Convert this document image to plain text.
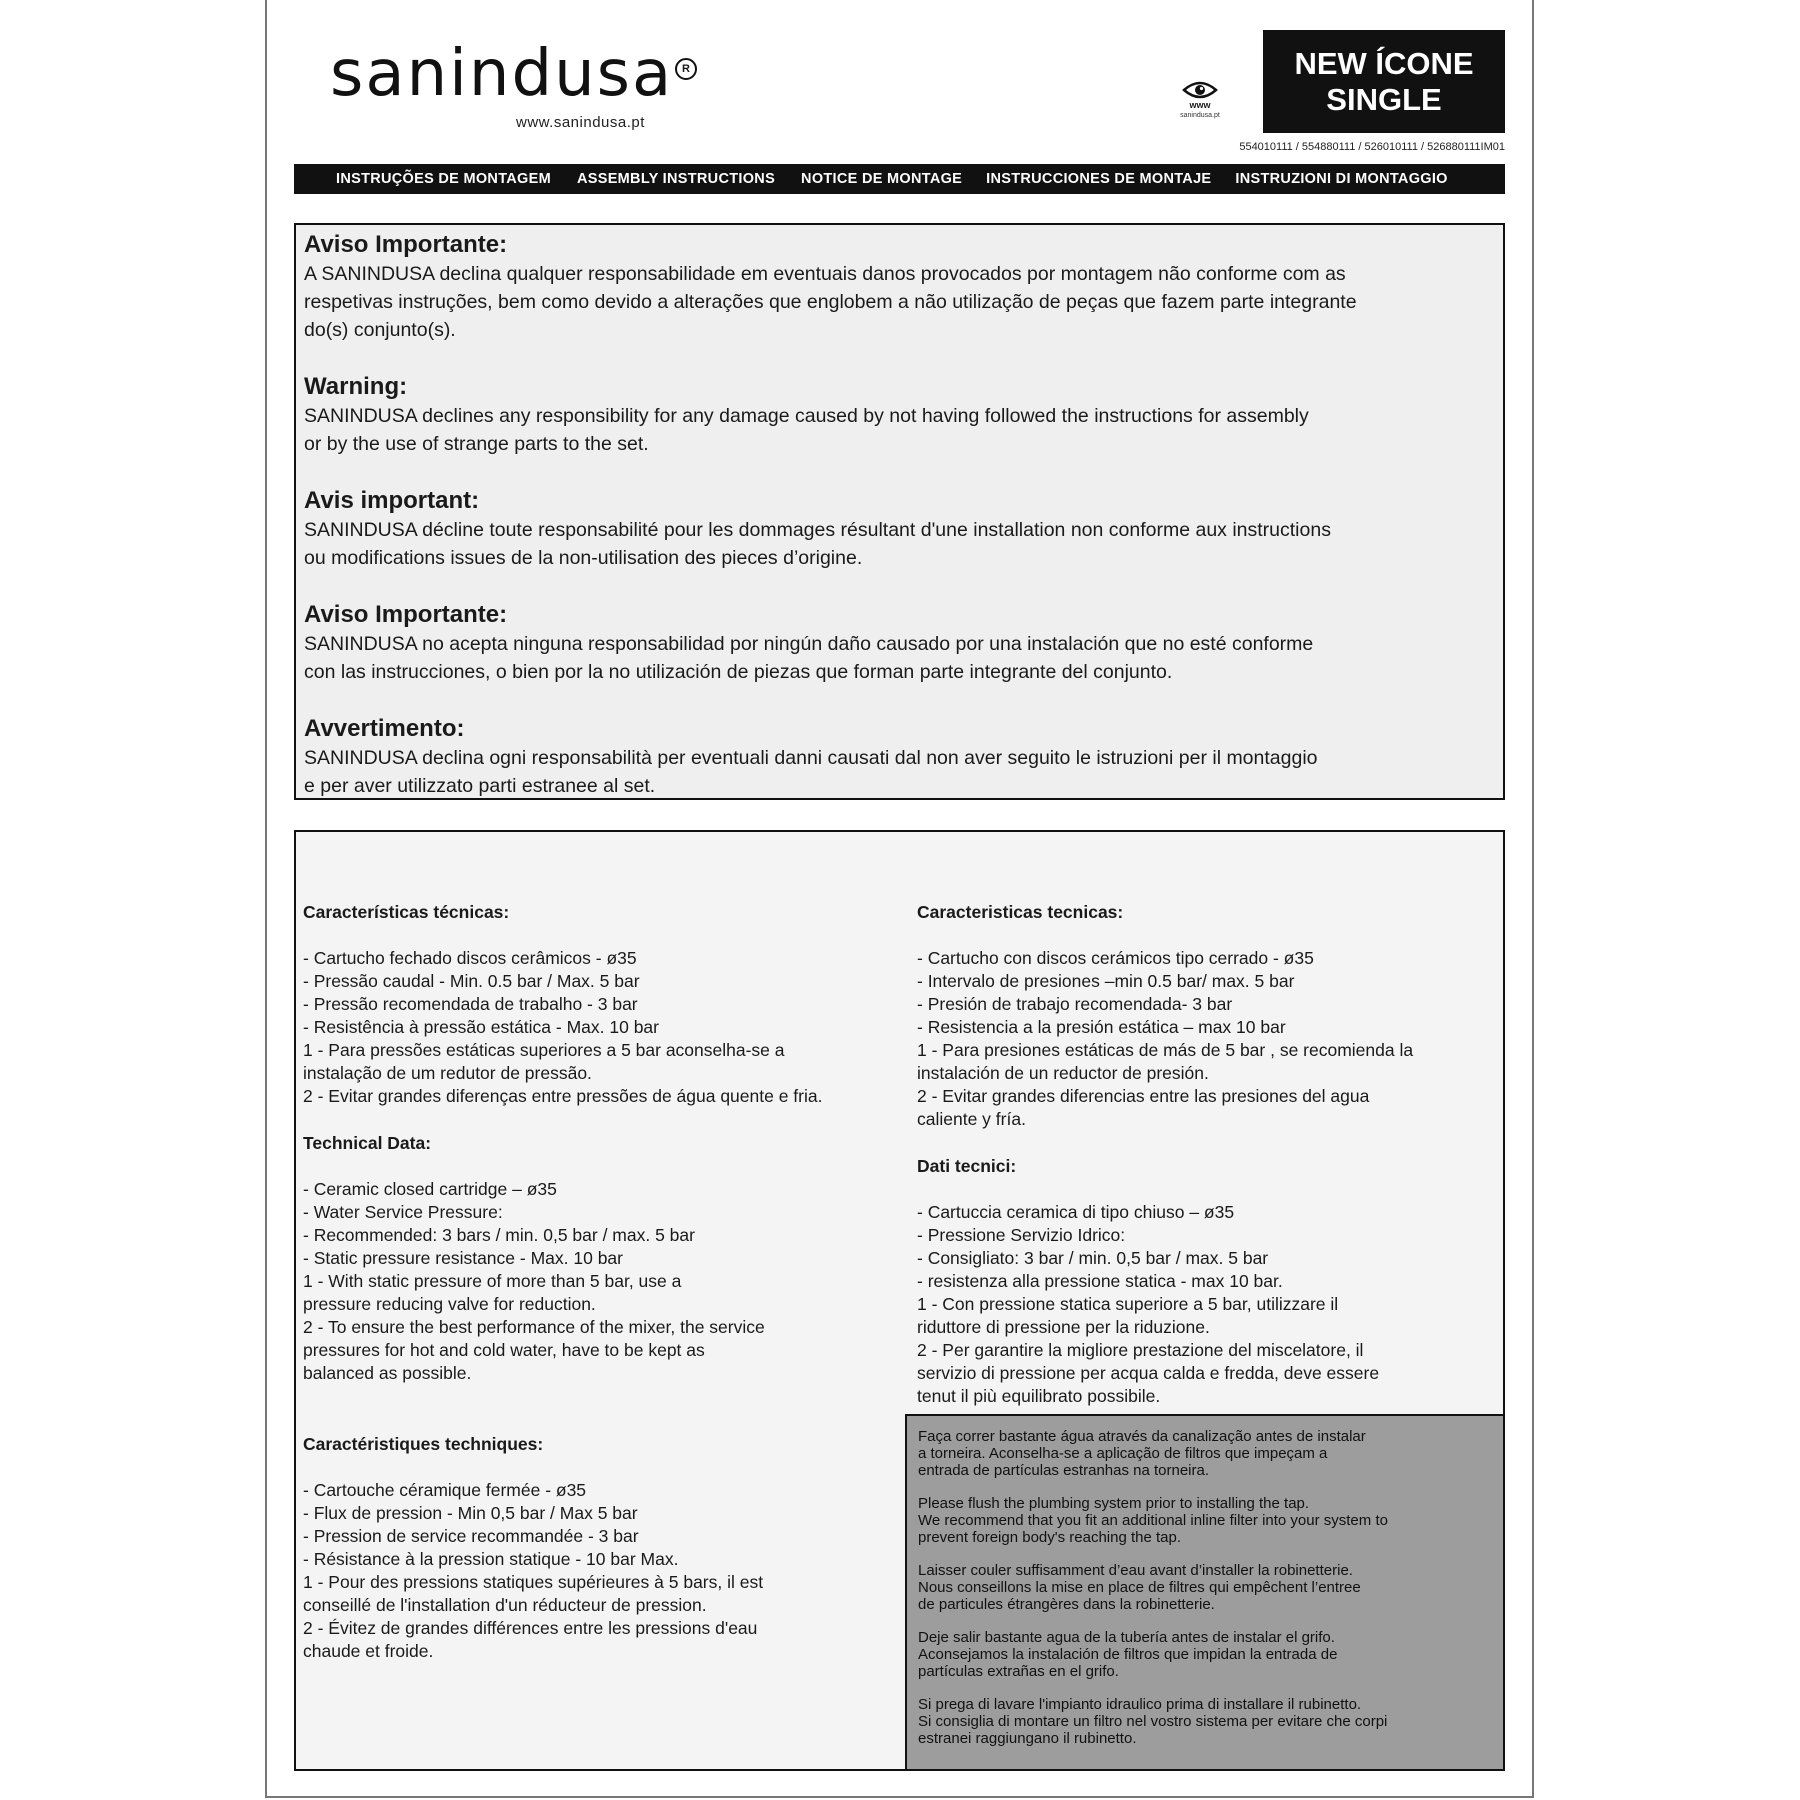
sanindusa R
www.sanindusa.pt
www
sanindusa.pt
NEW ÍCONE
SINGLE
554010111 / 554880111 / 526010111 / 526880111IM01
INSTRUÇÕES DE MONTAGEM ASSEMBLY INSTRUCTIONS NOTICE DE MONTAGE INSTRUCCIONES DE MONTAJE INSTRUZIONI DI MONTAGGIO
Aviso Importante:
A SANINDUSA declina qualquer responsabilidade em eventuais danos provocados por montagem não conforme com as
respetivas instruções, bem como devido a alterações que englobem a não utilização de peças que fazem parte integrante
do(s) conjunto(s).
Warning:
SANINDUSA declines any responsibility for any damage caused by not having followed the instructions for assembly
or by the use of strange parts to the set.
Avis important:
SANINDUSA décline toute responsabilité pour les dommages résultant d'une installation non conforme aux instructions
ou modifications issues de la non-utilisation des pieces d’origine.
Aviso Importante:
SANINDUSA no acepta ninguna responsabilidad por ningún daño causado por una instalación que no esté conforme
con las instrucciones, o bien por la no utilización de piezas que forman parte integrante del conjunto.
Avvertimento:
SANINDUSA declina ogni responsabilità per eventuali danni causati dal non aver seguito le istruzioni per il montaggio
e per aver utilizzato parti estranee al set.

Características técnicas:

- Cartucho fechado discos cerâmicos - ø35
- Pressão caudal - Min. 0.5 bar / Max. 5 bar
- Pressão recomendada de trabalho - 3 bar
- Resistência à pressão estática - Max. 10 bar
1 - Para pressões estáticas superiores a 5 bar aconselha-se a
instalação de um redutor de pressão.
2 - Evitar grandes diferenças entre pressões de água quente e fria.

Caracteristicas tecnicas:

- Cartucho con discos cerámicos tipo cerrado - ø35
- Intervalo de presiones –min 0.5 bar/ max. 5 bar
- Presión de trabajo recomendada- 3 bar
- Resistencia a la presión estática – max 10 bar
1 - Para presiones estáticas de más de 5 bar , se recomienda la
instalación de un reductor de presión.
2 - Evitar grandes diferencias entre las presiones del agua
caliente y fría.

Technical Data:

- Ceramic closed cartridge – ø35
- Water Service Pressure:
- Recommended: 3 bars / min. 0,5 bar / max. 5 bar
- Static pressure resistance - Max. 10 bar
1 - With static pressure of more than 5 bar, use a
pressure reducing valve for reduction.
2 - To ensure the best performance of the mixer, the service
pressures for hot and cold water, have to be kept as
balanced as possible.

Dati tecnici:

- Cartuccia ceramica di tipo chiuso – ø35
- Pressione Servizio Idrico:
- Consigliato: 3 bar / min. 0,5 bar / max. 5 bar
- resistenza alla pressione statica - max 10 bar.
1 - Con pressione statica superiore a 5 bar, utilizzare il
riduttore di pressione per la riduzione.
2 - Per garantire la migliore prestazione del miscelatore, il
servizio di pressione per acqua calda e fredda, deve essere
tenut il più equilibrato possibile.

Caractéristiques techniques:

- Cartouche céramique fermée - ø35
- Flux de pression - Min 0,5 bar / Max 5 bar
- Pression de service recommandée - 3 bar
- Résistance à la pression statique - 10 bar Max.
1 - Pour des pressions statiques supérieures à 5 bars, il est
conseillé de l'installation d'un réducteur de pression.
2 - Évitez de grandes différences entre les pressions d'eau
chaude et froide.

Faça correr bastante água através da canalização antes de instalar
a torneira. Aconselha-se a aplicação de filtros que impeçam a
entrada de partículas estranhas na torneira.

Please flush the plumbing system prior to installing the tap.
We recommend that you fit an additional inline filter into your system to
prevent foreign body's reaching the tap.

Laisser couler suffisamment d’eau avant d’installer la robinetterie.
Nous conseillons la mise en place de filtres qui empêchent l’entree
de particules étrangères dans la robinetterie.

Deje salir bastante agua de la tubería antes de instalar el grifo.
Aconsejamos la instalación de filtros que impidan la entrada de
partículas extrañas en el grifo.

Si prega di lavare l'impianto idraulico prima di installare il rubinetto.
Si consiglia di montare un filtro nel vostro sistema per evitare che corpi
estranei raggiungano il rubinetto.
